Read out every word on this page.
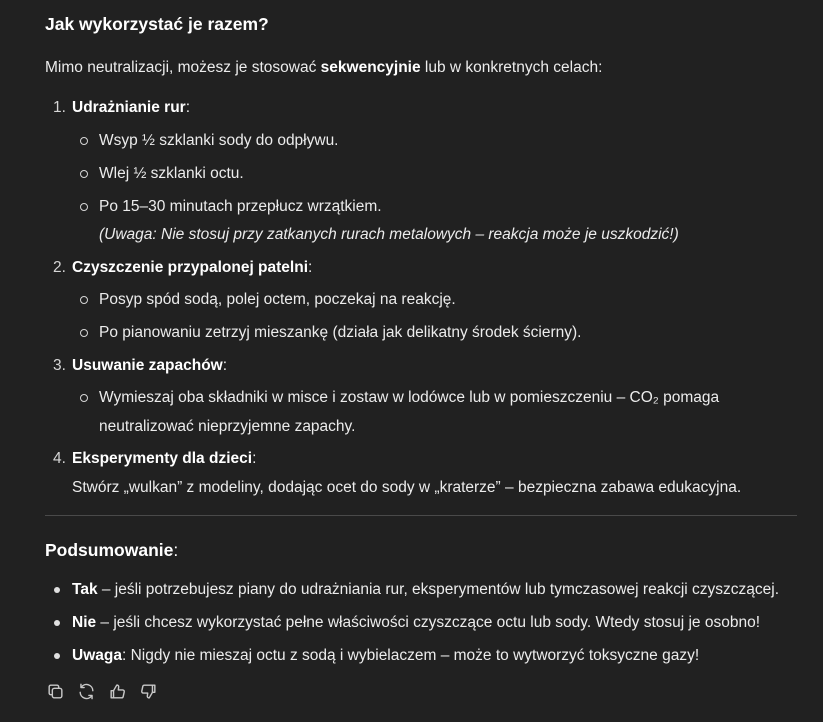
Jak wykorzystać je razem?
Mimo neutralizacji, możesz je stosować sekwencyjnie lub w konkretnych celach:
1. Udrażnianie rur:
Wsyp ½ szklanki sody do odpływu.
Wlej ½ szklanki octu.
Po 15–30 minutach przepłucz wrzątkiem.
(Uwaga: Nie stosuj przy zatkanych rurach metalowych – reakcja może je uszkodzić!)
2. Czyszczenie przypalonej patelni:
Posyp spód sodą, polej octem, poczekaj na reakcję.
Po pianowaniu zetrzyj mieszankę (działa jak delikatny środek ścierny).
3. Usuwanie zapachów:
Wymieszaj oba składniki w misce i zostaw w lodówce lub w pomieszczeniu – CO₂ pomaga
neutralizować nieprzyjemne zapachy.
4. Eksperymenty dla dzieci:
Stwórz „wulkan” z modeliny, dodając ocet do sody w „kraterze” – bezpieczna zabawa edukacyjna.
Podsumowanie:
Tak – jeśli potrzebujesz piany do udrażniania rur, eksperymentów lub tymczasowej reakcji czyszczącej.
Nie – jeśli chcesz wykorzystać pełne właściwości czyszczące octu lub sody. Wtedy stosuj je osobno!
Uwaga: Nigdy nie mieszaj octu z sodą i wybielaczem – może to wytworzyć toksyczne gazy!
